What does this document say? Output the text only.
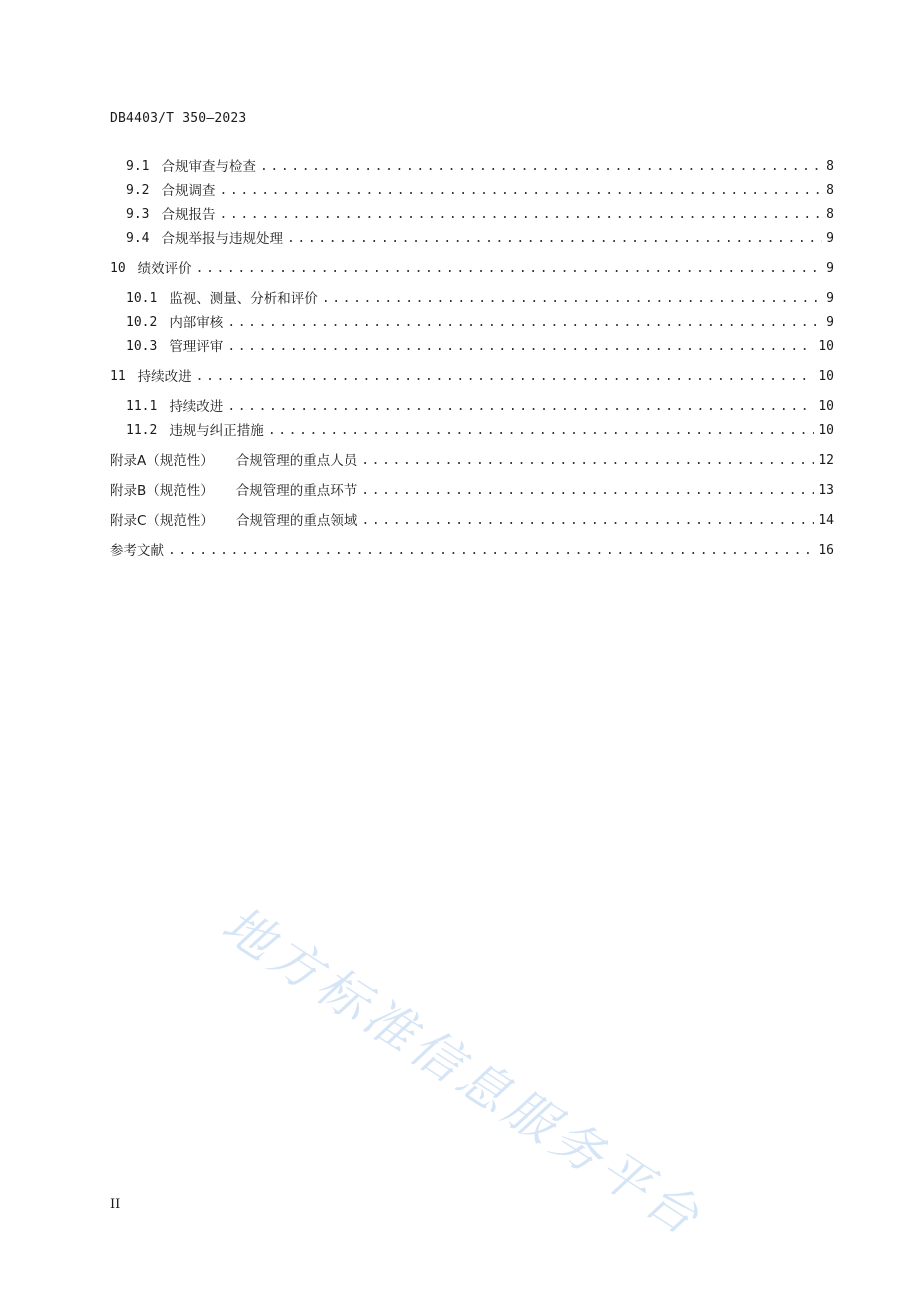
DB4403/T 350—2023
9.1 合规审查与检查 .....	8
9.2 合规调查 .....	8
9.3 合规报告 .....	8
9.4 合规举报与违规处理 .....	9
10 绩效评价 .....	9
10.1 监视、测量、分析和评价 .....	9
10.2 内部审核 .....	9
10.3 管理评审 .....	10
11 持续改进 .....	10
11.1 持续改进 .....	10
11.2 违规与纠正措施 .....	10
附录A（规范性） 合规管理的重点人员 .....	12
附录B（规范性） 合规管理的重点环节 .....	13
附录C（规范性） 合规管理的重点领域 .....	14
参考文献 .....	16
地方标准信息服务平台
II
